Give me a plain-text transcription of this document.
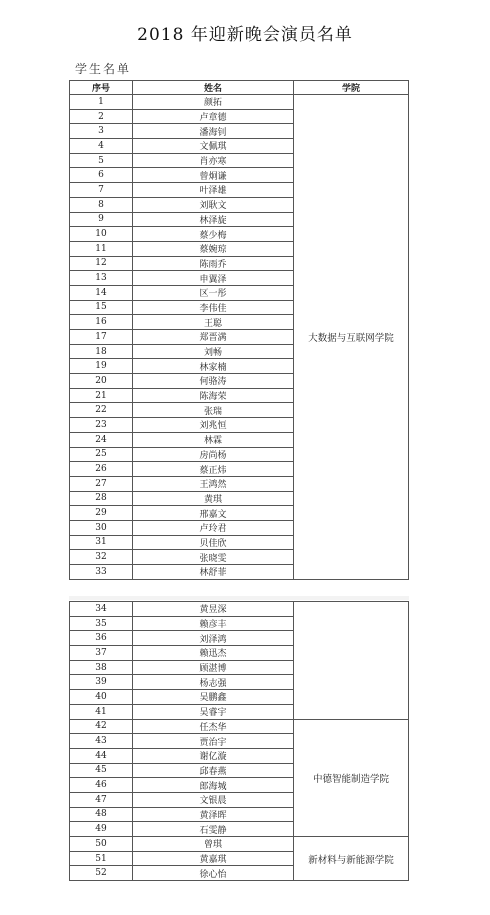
2018 年迎新晚会演员名单
学生名单
序号	姓名	学院
1	颜拓	大数据与互联网学院
2	卢章德	
3	潘海钊	
4	文佩琪	
5	肖亦寒	
6	曾炯谦	
7	叶泽雄	
8	刘耿文	
9	林泽旋	
10	蔡少梅	
11	蔡婉琼	
12	陈雨乔	
13	申翼泽	
14	区一彤	
15	李伟佳	
16	王聪	
17	郑晋满	
18	刘畅	
19	林家楠	
20	何骆涛	
21	陈海荣	
22	张瑞	
23	刘兆恒	
24	林霖	
25	房尚杨	
26	蔡正炜	
27	王鸿然	
28	黄琪	
29	邢嘉文	
30	卢玲君	
31	贝佳欣	
32	张晓雯	
33	林舒菲	
34	黄昱深	
35	赖彦丰	
36	刘泽鸿	
37	赖迅杰	
38	顾湛博	
39	杨志强	
40	吴鹏鑫	
41	吴睿宇	
42	任杰华	中德智能制造学院
43	贾治宇	
44	谢亿漩	
45	邱春燕	
46	郎海城	
47	文银晨	
48	黄泽晖	
49	石雯静	
50	曾琪	新材料与新能源学院
51	黄嘉琪	
52	徐心怡	
